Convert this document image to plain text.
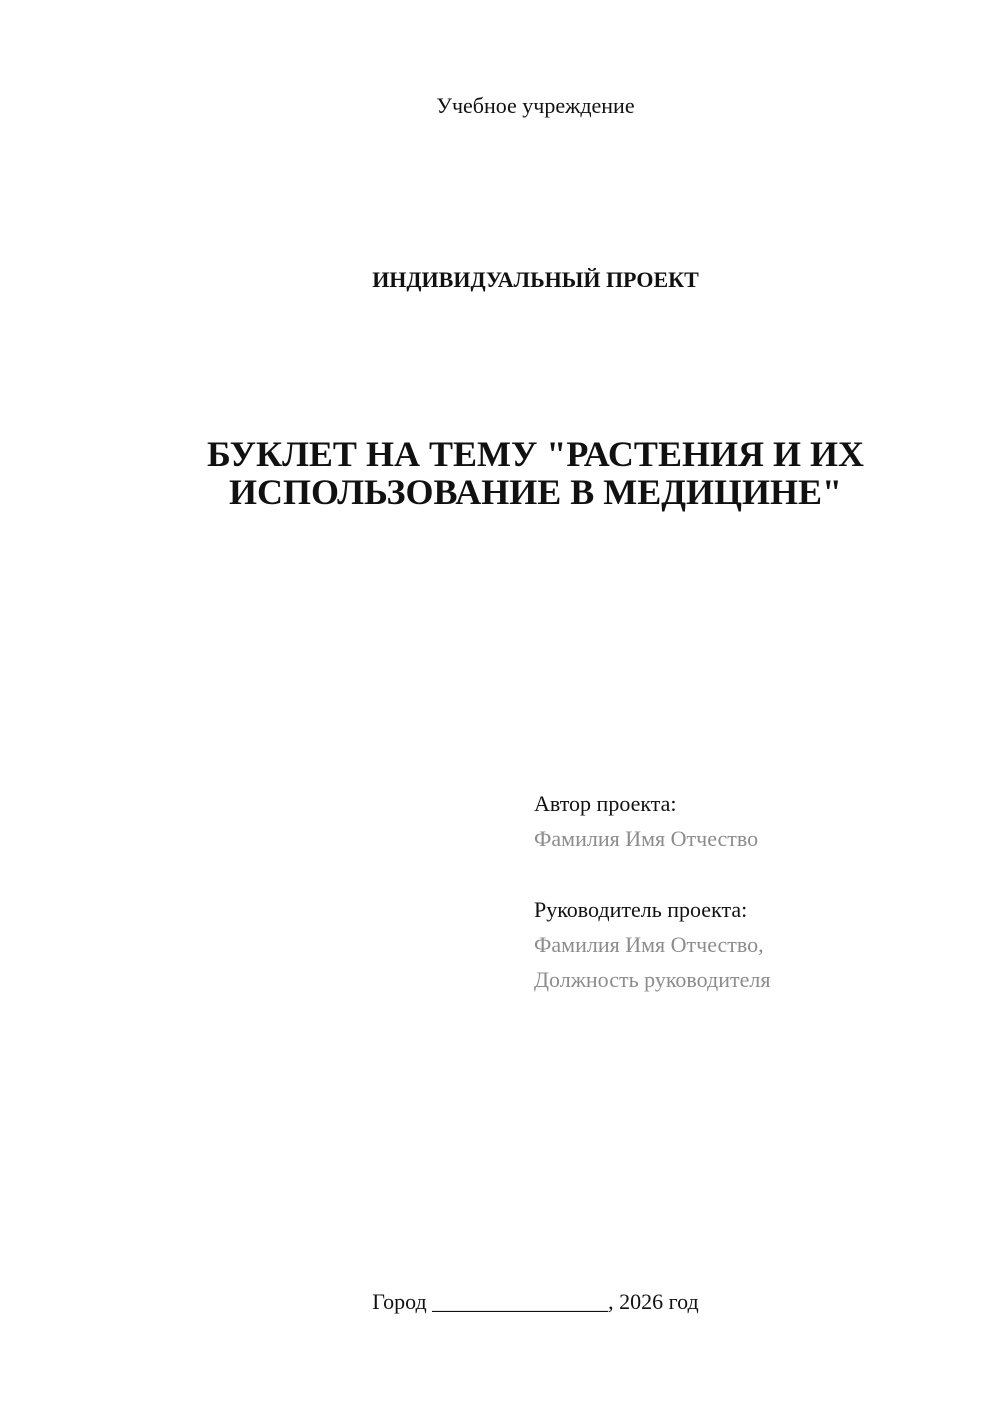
Учебное учреждение
ИНДИВИДУАЛЬНЫЙ ПРОЕКТ
БУКЛЕТ НА ТЕМУ "РАСТЕНИЯ И ИХ
ИСПОЛЬЗОВАНИЕ В МЕДИЦИНЕ"
Автор проекта:
Фамилия Имя Отчество
Руководитель проекта:
Фамилия Имя Отчество,
Должность руководителя
Город ________________, 2026 год
